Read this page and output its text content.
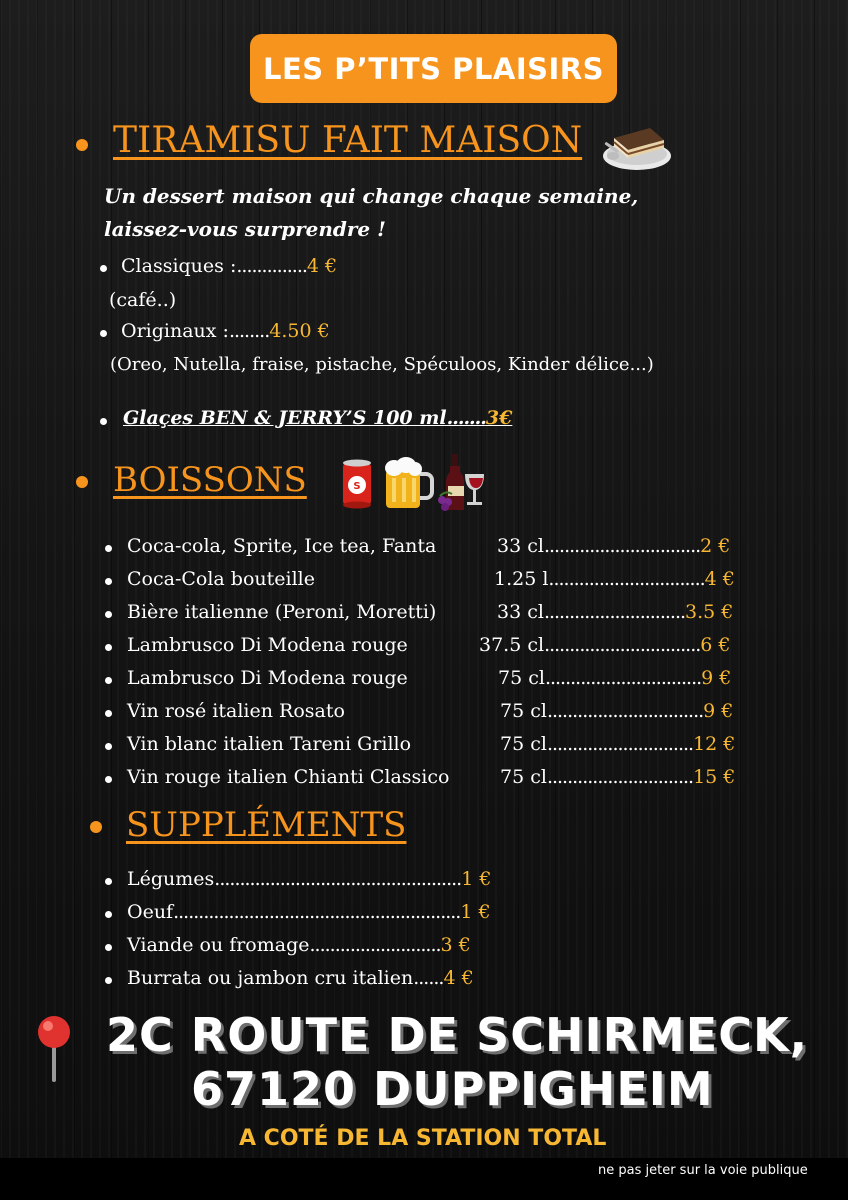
LES P’TITS PLAISIRS
TIRAMISU FAIT MAISON
Un dessert maison qui change chaque semaine,
laissez-vous surprendre !
Classiques :..............4 €
(café..)
Originaux :........4.50 €
(Oreo, Nutella, fraise, pistache, Spéculoos, Kinder délice...)
Glaçes BEN & JERRY’S 100 ml.......3€
BOISSONS	S
Coca-cola, Sprite, Ice tea, Fanta	33 cl...............................2 €
Coca-Cola bouteille	1.25 l...............................4 €
Bière italienne (Peroni, Moretti)	33 cl............................3.5 €
Lambrusco Di Modena rouge	37.5 cl...............................6 €
Lambrusco Di Modena rouge	75 cl...............................9 €
Vin rosé italien Rosato	75 cl...............................9 €
Vin blanc italien Tareni Grillo	75 cl.............................12 €
Vin rouge italien Chianti Classico	75 cl.............................15 €
SUPPLÉMENTS
Légumes.................................................1 €
Oeuf.........................................................1 €
Viande ou fromage..........................3 €
Burrata ou jambon cru italien......4 €
2C ROUTE DE SCHIRMECK,
67120 DUPPIGHEIM
A COTÉ DE LA STATION TOTAL
ne pas jeter sur la voie publique
